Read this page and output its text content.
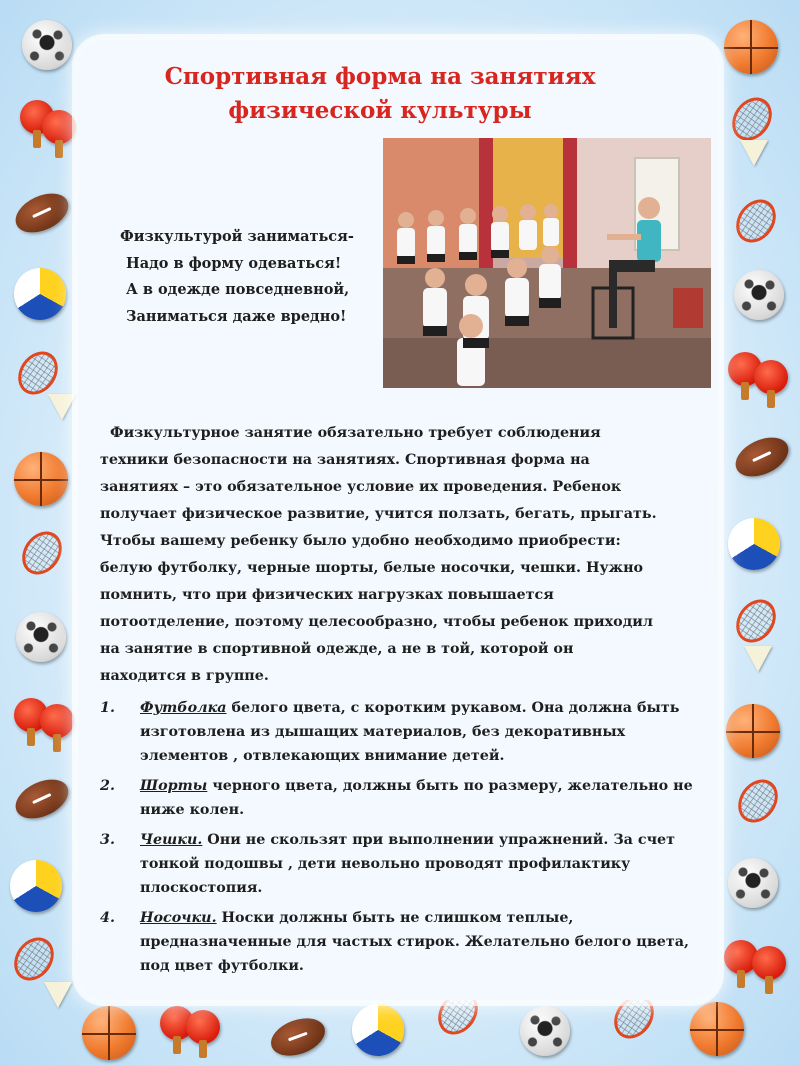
Спортивная форма на занятиях
физической культуры
Физкультурой заниматься-
Надо в форму одеваться!
А в одежде повседневной,
Заниматься даже вредно!

Физкультурное занятие обязательно требует соблюдения

техники безопасности на занятиях. Спортивная форма на

занятиях – это обязательное условие их проведения. Ребенок

получает физическое развитие, учится ползать, бегать, прыгать.

Чтобы вашему ребенку было удобно необходимо приобрести:

белую футболку, черные шорты, белые носочки, чешки. Нужно

помнить, что при физических нагрузках повышается

потоотделение, поэтому целесообразно, чтобы ребенок приходил

на занятие в спортивной одежде, а не в той, которой он

находится в группе.

1. Футболка белого цвета, с коротким рукавом. Она должна быть изготовлена из дышащих материалов, без декоративных элементов , отвлекающих внимание детей.
2. Шорты черного цвета, должны быть по размеру, желательно не ниже колен.
3. Чешки. Они не скользят при выполнении упражнений. За счет тонкой подошвы , дети невольно проводят профилактику плоскостопия.
4. Носочки. Носки должны быть не слишком теплые, предназначенные для частых стирок. Желательно белого цвета, под цвет футболки.
